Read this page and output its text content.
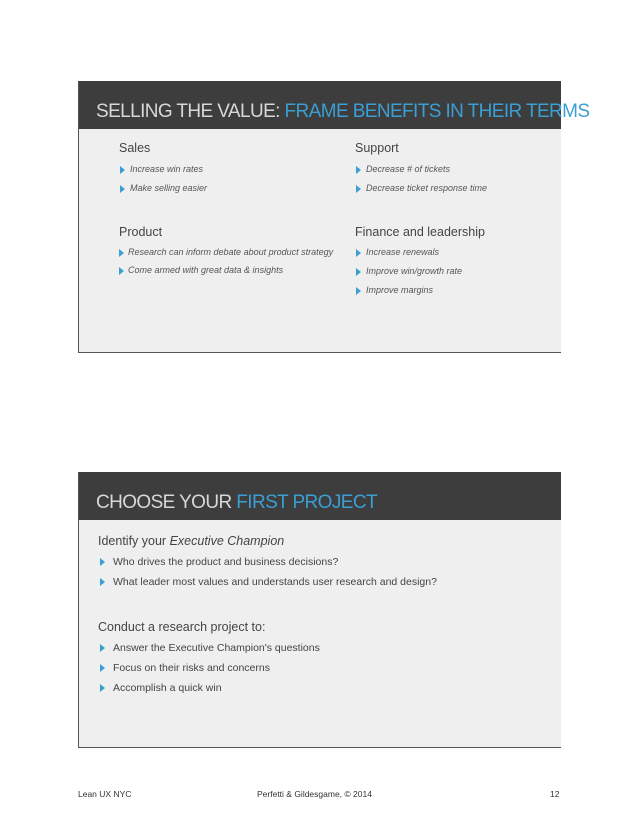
SELLING THE VALUE: FRAME BENEFITS IN THEIR TERMS
Sales
Increase win rates
Make selling easier
Support
Decrease # of tickets
Decrease ticket response time
Product
Research can inform debate about product strategy
Come armed with great data & insights
Finance and leadership
Increase renewals
Improve win/growth rate
Improve margins
CHOOSE YOUR FIRST PROJECT
Identify your Executive Champion
Who drives the product and business decisions?
What leader most values and understands user research and design?
Conduct a research project to:
Answer the Executive Champion's questions
Focus on their risks and concerns
Accomplish a quick win
Lean UX NYC	Perfetti & Gildesgame, © 2014	12
